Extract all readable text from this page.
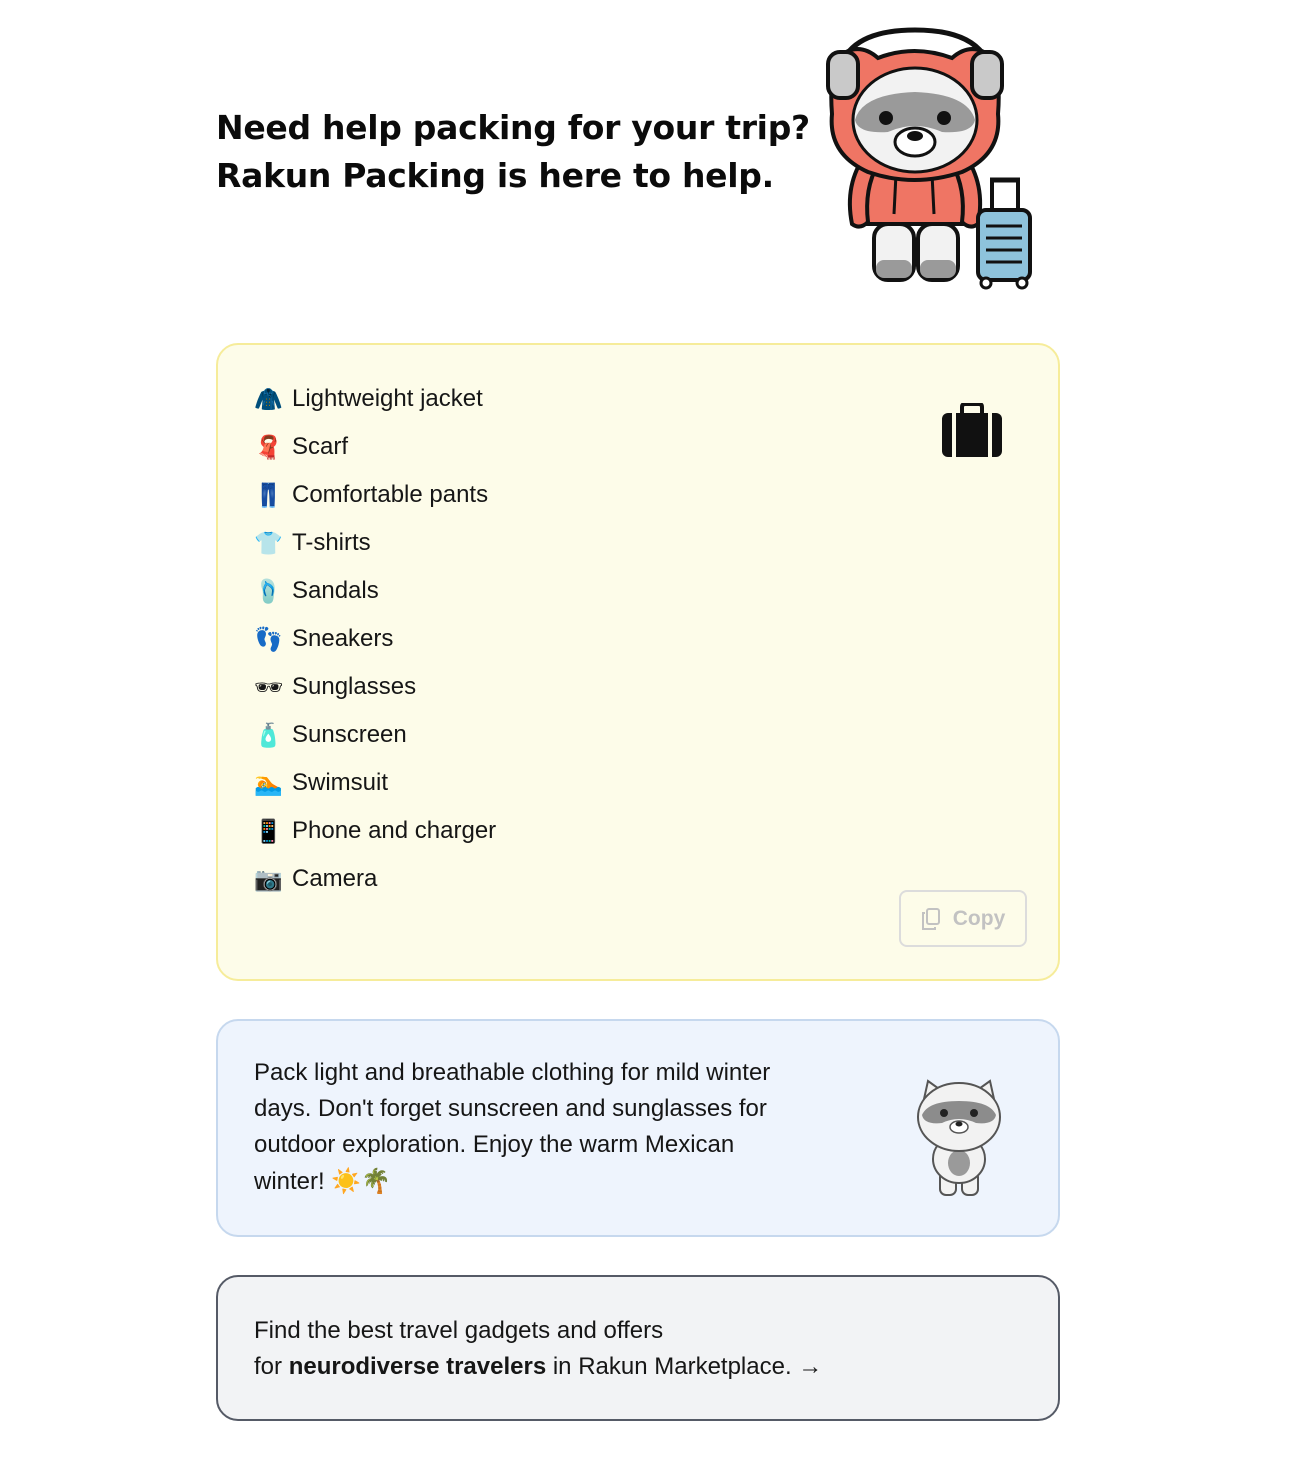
Need help packing for your trip?
Rakun Packing is here to help.
🧥 Lightweight jacket
🧣 Scarf
👖 Comfortable pants
👕 T-shirts
🩴 Sandals
👣 Sneakers
🕶 Sunglasses
🧴 Sunscreen
🏊 Swimsuit
📱 Phone and charger
📷 Camera
Copy

Pack light and breathable clothing for mild winter days. Don't forget sunscreen and sunglasses for outdoor exploration. Enjoy the warm Mexican winter! ☀️🌴

Find the best travel gadgets and offers
for neurodiverse travelers in Rakun Marketplace. →
